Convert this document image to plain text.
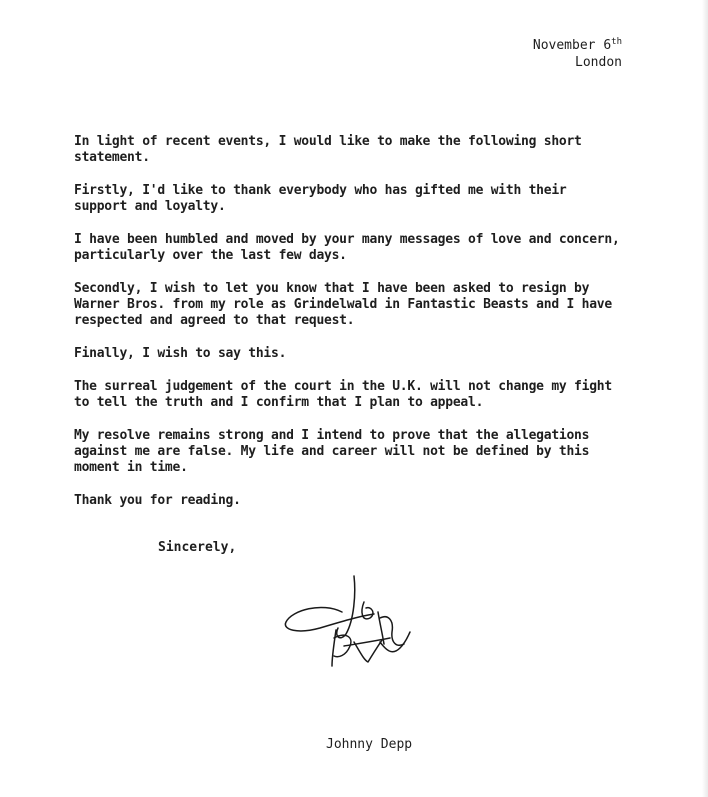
November 6th
London

In light of recent events, I would like to make the following short statement.

Firstly, I'd like to thank everybody who has gifted me with their support and loyalty.

I have been humbled and moved by your many messages of love and concern, particularly over the last few days.

Secondly, I wish to let you know that I have been asked to resign by Warner Bros. from my role as Grindelwald in Fantastic Beasts and I have respected and agreed to that request.

Finally, I wish to say this.

The surreal judgement of the court in the U.K. will not change my fight to tell the truth and I confirm that I plan to appeal.

My resolve remains strong and I intend to prove that the allegations against me are false. My life and career will not be defined by this moment in time.

Thank you for reading.

Sincerely,
Johnny Depp
